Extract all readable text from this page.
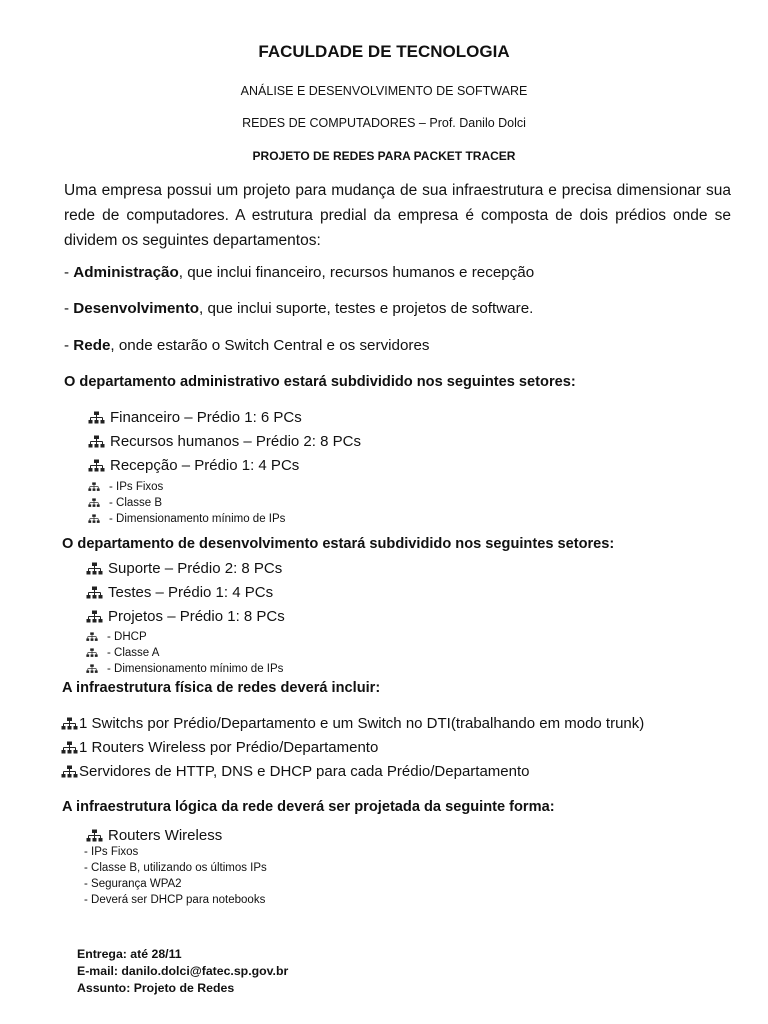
FACULDADE DE TECNOLOGIA
ANÁLISE E DESENVOLVIMENTO DE SOFTWARE
REDES DE COMPUTADORES – Prof. Danilo Dolci
PROJETO DE REDES PARA PACKET TRACER
Uma empresa possui um projeto para mudança de sua infraestrutura e precisa dimensionar sua rede de computadores. A estrutura predial da empresa é composta de dois prédios onde se dividem os seguintes departamentos:
- Administração, que inclui financeiro, recursos humanos e recepção
- Desenvolvimento, que inclui suporte, testes e projetos de software.
- Rede, onde estarão o Switch Central e os servidores
O departamento administrativo estará subdividido nos seguintes setores:
Financeiro – Prédio 1: 6 PCs
Recursos humanos – Prédio 2: 8 PCs
Recepção – Prédio 1: 4 PCs
- IPs Fixos
- Classe B
- Dimensionamento mínimo de IPs
O departamento de desenvolvimento estará subdividido nos seguintes setores:
Suporte – Prédio 2: 8 PCs
Testes – Prédio 1: 4 PCs
Projetos – Prédio 1: 8 PCs
- DHCP
- Classe A
- Dimensionamento mínimo de IPs
A infraestrutura física de redes deverá incluir:
1 Switchs por Prédio/Departamento e um Switch no DTI(trabalhando em modo trunk)
1 Routers Wireless por Prédio/Departamento
Servidores de HTTP, DNS e DHCP para cada Prédio/Departamento
A infraestrutura lógica da rede deverá ser projetada da seguinte forma:
Routers Wireless
- IPs Fixos
- Classe B, utilizando os últimos IPs
- Segurança WPA2
- Deverá ser DHCP para notebooks
Entrega: até 28/11
E-mail: danilo.dolci@fatec.sp.gov.br
Assunto: Projeto de Redes
